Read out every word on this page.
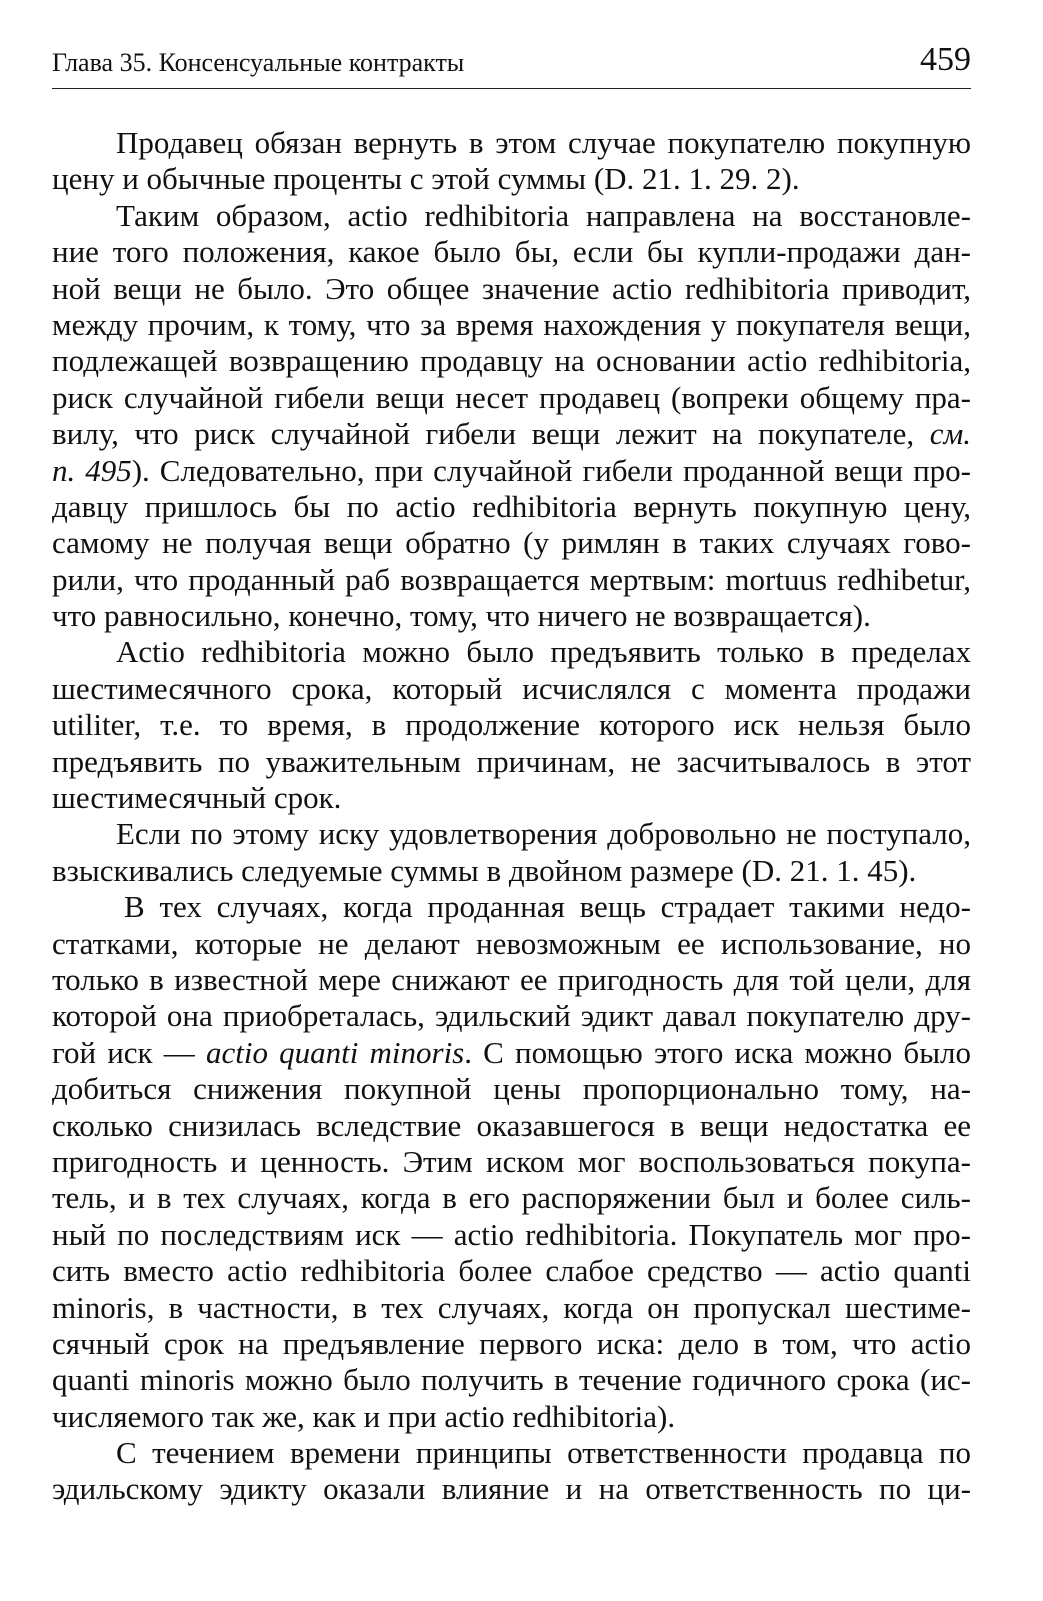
Глава 35. Консенсуальные контракты	459

Продавец обязан вернуть в этом случае покупателю покупную
цену и обычные проценты с этой суммы (D. 21. 1. 29. 2).

Таким образом, actio redhibitoria направлена на восстановле-
ние того положения, какое было бы, если бы купли-продажи дан-
ной вещи не было. Это общее значение actio redhibitoria приводит,
между прочим, к тому, что за время нахождения у покупателя вещи,
подлежащей возвращению продавцу на основании actio redhibitoria,
риск случайной гибели вещи несет продавец (вопреки общему пра-
вилу, что риск случайной гибели вещи лежит на покупателе, см.
п. 495). Следовательно, при случайной гибели проданной вещи про-
давцу пришлось бы по actio redhibitoria вернуть покупную цену,
самому не получая вещи обратно (у римлян в таких случаях гово-
рили, что проданный раб возвращается мертвым: mortuus redhibetur,
что равносильно, конечно, тому, что ничего не возвращается).

Actio redhibitoria можно было предъявить только в пределах
шестимесячного срока, который исчислялся с момента продажи
utiliter, т.е. то время, в продолжение которого иск нельзя было
предъявить по уважительным причинам, не засчитывалось в этот
шестимесячный срок.

Если по этому иску удовлетворения добровольно не поступало,
взыскивались следуемые суммы в двойном размере (D. 21. 1. 45).

В тех случаях, когда проданная вещь страдает такими недо-
статками, которые не делают невозможным ее использование, но
только в известной мере снижают ее пригодность для той цели, для
которой она приобреталась, эдильский эдикт давал покупателю дру-
гой иск — actio quanti minoris. С помощью этого иска можно было
добиться снижения покупной цены пропорционально тому, на-
сколько снизилась вследствие оказавшегося в вещи недостатка ее
пригодность и ценность. Этим иском мог воспользоваться покупа-
тель, и в тех случаях, когда в его распоряжении был и более силь-
ный по последствиям иск — actio redhibitoria. Покупатель мог про-
сить вместо actio redhibitoria более слабое средство — actio quanti
minoris, в частности, в тех случаях, когда он пропускал шестиме-
сячный срок на предъявление первого иска: дело в том, что actio
quanti minoris можно было получить в течение годичного срока (ис-
числяемого так же, как и при actio redhibitoria).

С течением времени принципы ответственности продавца по
эдильскому эдикту оказали влияние и на ответственность по ци-
